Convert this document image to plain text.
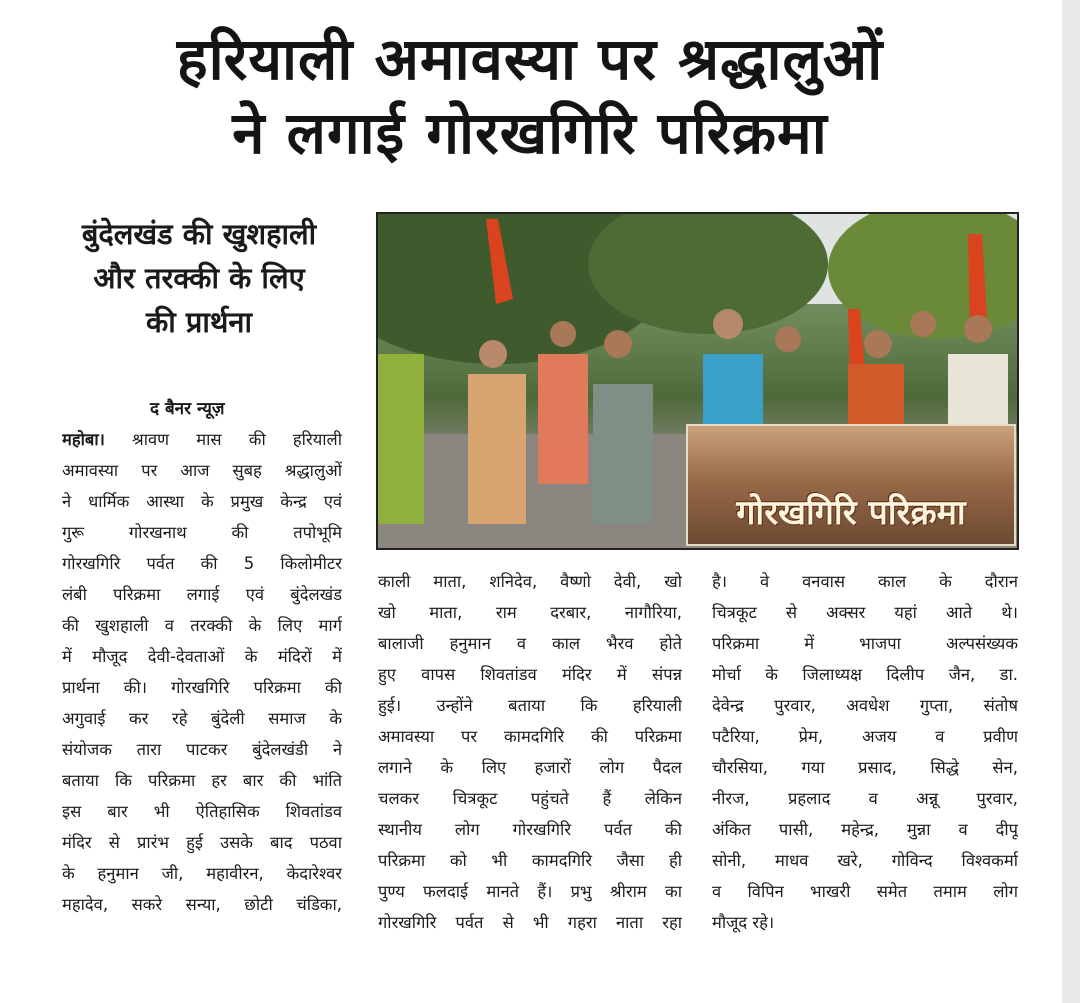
हरियाली अमावस्या पर श्रद्धालुओं
ने लगाई गोरखगिरि परिक्रमा
बुंदेलखंड की खुशहाली
और तरक्की के लिए
की प्रार्थना
द बैनर न्यूज़
गोरखगिरि परिक्रमा
महोबा। श्रावण मास की हरियाली
अमावस्या पर आज सुबह श्रद्धालुओं
ने धार्मिक आस्था के प्रमुख केन्द्र एवं
गुरू गोरखनाथ की तपोभूमि
गोरखगिरि पर्वत की 5 किलोमीटर
लंबी परिक्रमा लगाई एवं बुंदेलखंड
की खुशहाली व तरक्की के लिए मार्ग
में मौजूद देवी-देवताओं के मंदिरों में
प्रार्थना की। गोरखगिरि परिक्रमा की
अगुवाई कर रहे बुंदेली समाज के
संयोजक तारा पाटकर बुंदेलखंडी ने
बताया कि परिक्रमा हर बार की भांति
इस बार भी ऐतिहासिक शिवतांडव
मंदिर से प्रारंभ हुई उसके बाद पठवा
के हनुमान जी, महावीरन, केदारेश्वर
महादेव, सकरे सन्या, छोटी चंडिका,
काली माता, शनिदेव, वैष्णो देवी, खो
खो माता, राम दरबार, नागौरिया,
बालाजी हनुमान व काल भैरव होते
हुए वापस शिवतांडव मंदिर में संपन्न
हुई। उन्होंने बताया कि हरियाली
अमावस्या पर कामदगिरि की परिक्रमा
लगाने के लिए हजारों लोग पैदल
चलकर चित्रकूट पहुंचते हैं लेकिन
स्थानीय लोग गोरखगिरि पर्वत की
परिक्रमा को भी कामदगिरि जैसा ही
पुण्य फलदाई मानते हैं। प्रभु श्रीराम का
गोरखगिरि पर्वत से भी गहरा नाता रहा
है। वे वनवास काल के दौरान
चित्रकूट से अक्सर यहां आते थे।
परिक्रमा में भाजपा अल्पसंख्यक
मोर्चा के जिलाध्यक्ष दिलीप जैन, डा.
देवेन्द्र पुरवार, अवधेश गुप्ता, संतोष
पटैरिया, प्रेम, अजय व प्रवीण
चौरसिया, गया प्रसाद, सिद्धे सेन,
नीरज, प्रहलाद व अन्नू पुरवार,
अंकित पासी, महेन्द्र, मुन्ना व दीपू
सोनी, माधव खरे, गोविन्द विश्वकर्मा
व विपिन भाखरी समेत तमाम लोग
मौजूद रहे।
